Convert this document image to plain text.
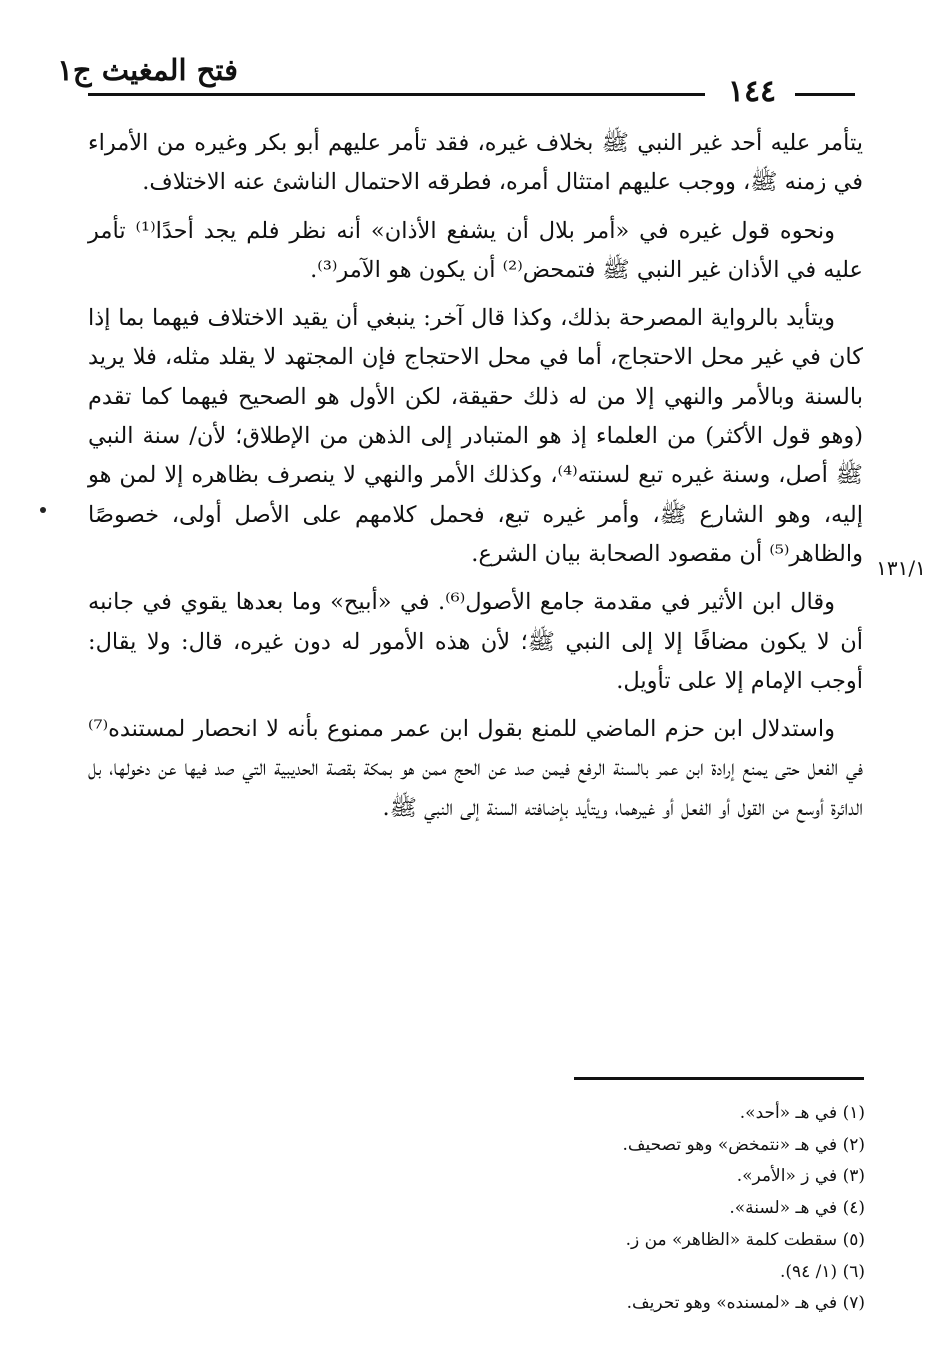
فتح المغيث ج١
١٤٤
١٣١/١

يتأمر عليه أحد غير النبي ﷺ بخلاف غيره، فقد تأمر عليهم أبو بكر وغيره من الأمراء في زمنه ﷺ، ووجب عليهم امتثال أمره، فطرقه الاحتمال الناشئ عنه الاختلاف.

ونحوه قول غيره في «أمر بلال أن يشفع الأذان» أنه نظر فلم يجد أحدًا⁽¹⁾ تأمر عليه في الأذان غير النبي ﷺ فتمحض⁽²⁾ أن يكون هو الآمر⁽³⁾.

ويتأيد بالرواية المصرحة بذلك، وكذا قال آخر: ينبغي أن يقيد الاختلاف فيهما بما إذا كان في غير محل الاحتجاج، أما في محل الاحتجاج فإن المجتهد لا يقلد مثله، فلا يريد بالسنة وبالأمر والنهي إلا من له ذلك حقيقة، لكن الأول هو الصحيح فيهما كما تقدم (وهو قول الأكثر) من العلماء إذ هو المتبادر إلى الذهن من الإطلاق؛ لأن/ سنة النبي ﷺ أصل، وسنة غيره تبع لسنته⁽⁴⁾، وكذلك الأمر والنهي لا ينصرف بظاهره إلا لمن هو إليه، وهو الشارع ﷺ، وأمر غيره تبع، فحمل كلامهم على الأصل أولى، خصوصًا والظاهر⁽⁵⁾ أن مقصود الصحابة بيان الشرع.

وقال ابن الأثير في مقدمة جامع الأصول⁽⁶⁾. في «أبيح» وما بعدها يقوي في جانبه أن لا يكون مضافًا إلا إلى النبي ﷺ؛ لأن هذه الأمور له دون غيره، قال: ولا يقال: أوجب الإمام إلا على تأويل.

واستدلال ابن حزم الماضي للمنع بقول ابن عمر ممنوع بأنه لا انحصار لمستنده⁽⁷⁾ في الفعل حتى يمنع إرادة ابن عمر بالسنة الرفع فيمن صد عن الحج ممن هو بمكة بقصة الحديبية التي صد فيها عن دخولها، بل الدائرة أوسع من القول أو الفعل أو غيرهما، ويتأيد بإضافته السنة إلى النبي ﷺ.

(١) في هـ «أحد».
(٢) في هـ «نتمخض» وهو تصحيف.
(٣) في ز «الأمر».
(٤) في هـ «لسنة».
(٥) سقطت كلمة «الظاهر» من ز.
(٦) (١/ ٩٤).
(٧) في هـ «لمسنده» وهو تحريف.
